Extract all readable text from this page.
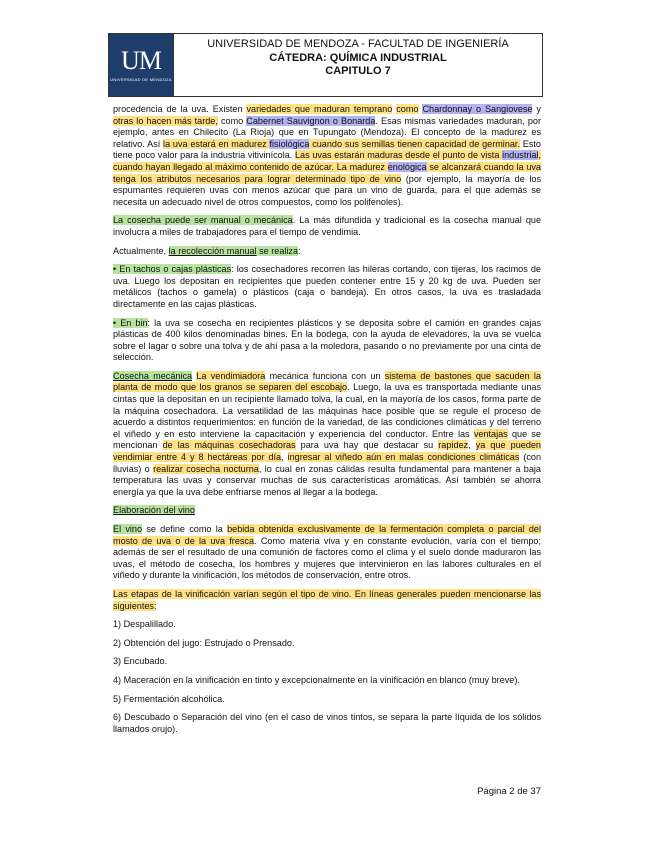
UM
UNIVERSIDAD DE MENDOZA
UNIVERSIDAD DE MENDOZA - FACULTAD DE INGENIERÍA
CÁTEDRA: QUÍMICA INDUSTRIAL
CAPITULO 7

procedencia de la uva. Existen variedades que maduran temprano como Chardonnay o Sangiovese y otras lo hacen más tarde, como Cabernet Sauvignon o Bonarda. Esas mismas variedades maduran, por ejemplo, antes en Chilecito (La Rioja) que en Tupungato (Mendoza). El concepto de la madurez es relativo. Así la uva estará en madurez fisiológica cuando sus semillas tienen capacidad de germinar. Esto tiene poco valor para la industria vitivinícola. Las uvas estarán maduras desde el punto de vista industrial, cuando hayan llegado al máximo contenido de azúcar. La madurez enológica se alcanzará cuando la uva tenga los atributos necesarios para lograr determinado tipo de vino (por ejemplo, la mayoría de los espumantes requieren uvas con menos azúcar que para un vino de guarda, para el que además se necesita un adecuado nivel de otros compuestos, como los polifenoles).

La cosecha puede ser manual o mecánica. La más difundida y tradicional es la cosecha manual que involucra a miles de trabajadores para el tiempo de vendimia.

Actualmente, la recolección manual se realiza:

• En tachos o cajas plásticas: los cosechadores recorren las hileras cortando, con tijeras, los racimos de uva. Luego los depositan en recipientes que pueden contener entre 15 y 20 kg de uva. Pueden ser metálicos (tachos o gamela) o plásticos (caja o bandeja). En otros casos, la uva es trasladada directamente en las cajas plásticas.

• En bin: la uva se cosecha en recipientes plásticos y se deposita sobre el camión en grandes cajas plásticas de 400 kilos denominadas bines. En la bodega, con la ayuda de elevadores, la uva se vuelca sobre el lagar o sobre una tolva y de ahí pasa a la moledora, pasando o no previamente por una cinta de selección.

Cosecha mecánica La vendimiadora mecánica funciona con un sistema de bastones que sacuden la planta de modo que los granos se separen del escobajo. Luego, la uva es transportada mediante unas cintas que la depositan en un recipiente llamado tolva, la cual, en la mayoría de los casos, forma parte de la máquina cosechadora. La versatilidad de las máquinas hace posible que se regule el proceso de acuerdo a distintos requerimientos: en función de la variedad, de las condiciones climáticas y del terreno el viñedo y en esto interviene la capacitación y experiencia del conductor. Entre las ventajas que se mencionan de las máquinas cosechadoras para uva hay que destacar su rapidez, ya que pueden vendimiar entre 4 y 8 hectáreas por día, ingresar al viñedo aún en malas condiciones climáticas (con lluvias) o realizar cosecha nocturna, lo cual en zonas cálidas resulta fundamental para mantener a baja temperatura las uvas y conservar muchas de sus características aromáticas. Así también se ahorra energía ya que la uva debe enfriarse menos al llegar a la bodega.

Elaboración del vino

El vino se define como la bebida obtenida exclusivamente de la fermentación completa o parcial del mosto de uva o de la uva fresca. Como materia viva y en constante evolución, varía con el tiempo; además de ser el resultado de una comunión de factores como el clima y el suelo donde maduraron las uvas, el método de cosecha, los hombres y mujeres que intervinieron en las labores culturales en el viñedo y durante la vinificación, los métodos de conservación, entre otros.

Las etapas de la vinificación varían según el tipo de vino. En líneas generales pueden mencionarse las siguientes:

1) Despalillado.

2) Obtención del jugo: Estrujado o Prensado.

3) Encubado.

4) Maceración en la vinificación en tinto y excepcionalmente en la vinificación en blanco (muy breve).

5) Fermentación alcohólica.

6) Descubado o Separación del vino (en el caso de vinos tintos, se separa la parte líquida de los sólidos llamados orujo).

Página 2 de 37
